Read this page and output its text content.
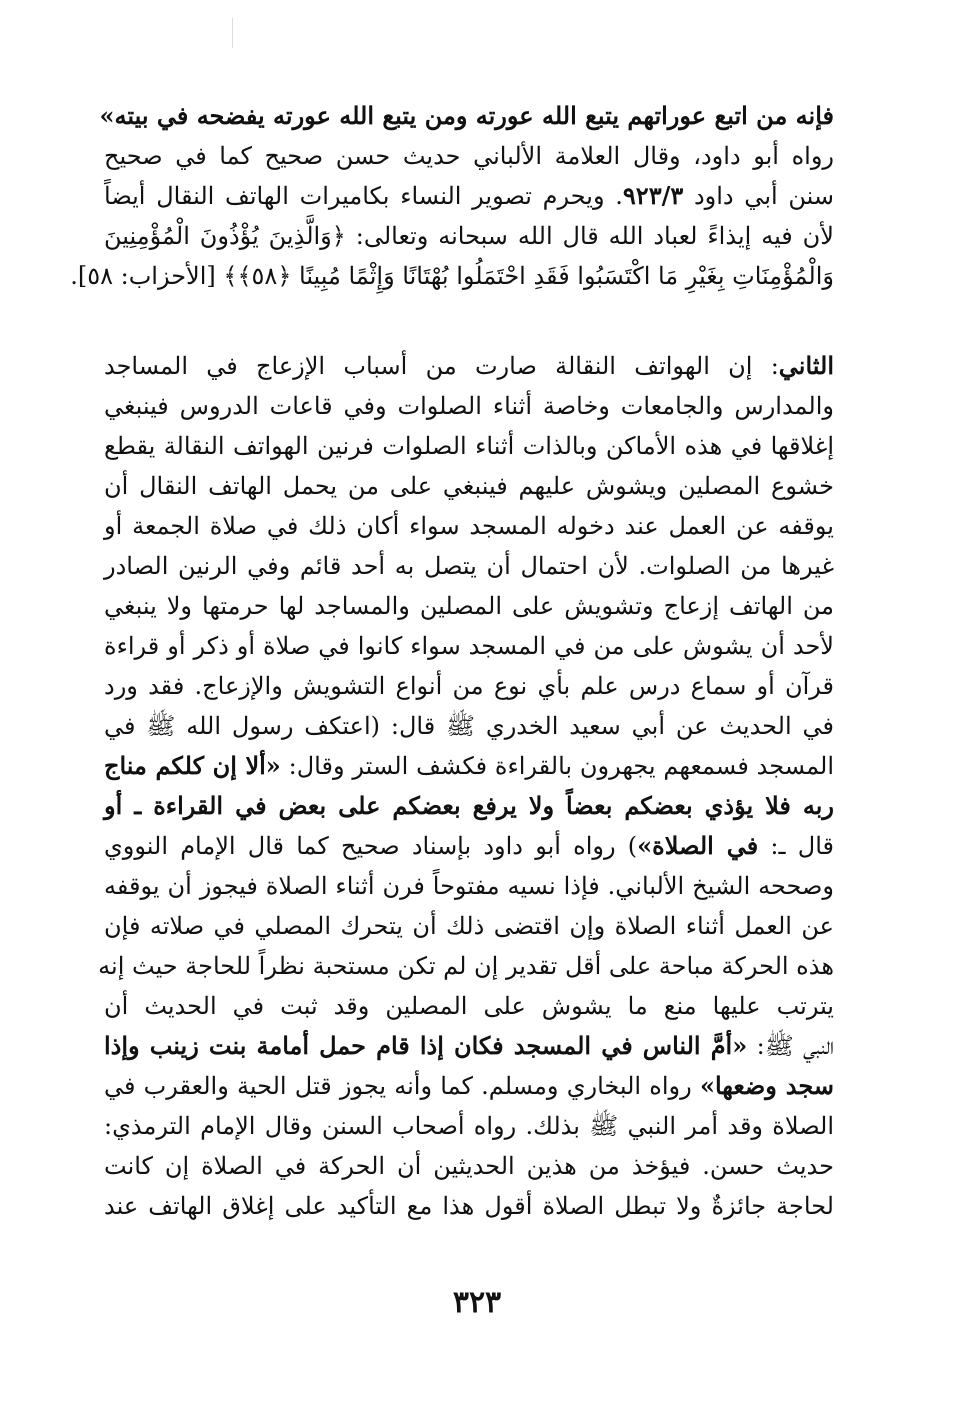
فإنه من اتبع عوراتهم يتبع الله عورته ومن يتبع الله عورته يفضحه في بيته»
رواه أبو داود، وقال العلامة الألباني حديث حسن صحيح كما في صحيح
سنن أبي داود ٩٢٣/٣. ويحرم تصوير النساء بكاميرات الهاتف النقال أيضاً
لأن فيه إيذاءً لعباد الله قال الله سبحانه وتعالى: ﴿وَالَّذِينَ يُؤْذُونَ الْمُؤْمِنِينَ
وَالْمُؤْمِنَاتِ بِغَيْرِ مَا اكْتَسَبُوا فَقَدِ احْتَمَلُوا بُهْتَانًا وَإِثْمًا مُبِينًا ﴿٥٨﴾﴾ [الأحزاب: ٥٨].
الثاني: إن الهواتف النقالة صارت من أسباب الإزعاج في المساجد
والمدارس والجامعات وخاصة أثناء الصلوات وفي قاعات الدروس فينبغي
إغلاقها في هذه الأماكن وبالذات أثناء الصلوات فرنين الهواتف النقالة يقطع
خشوع المصلين ويشوش عليهم فينبغي على من يحمل الهاتف النقال أن
يوقفه عن العمل عند دخوله المسجد سواء أكان ذلك في صلاة الجمعة أو
غيرها من الصلوات. لأن احتمال أن يتصل به أحد قائم وفي الرنين الصادر
من الهاتف إزعاج وتشويش على المصلين والمساجد لها حرمتها ولا ينبغي
لأحد أن يشوش على من في المسجد سواء كانوا في صلاة أو ذكر أو قراءة
قرآن أو سماع درس علم بأي نوع من أنواع التشويش والإزعاج. فقد ورد
في الحديث عن أبي سعيد الخدري ﷺ قال: (اعتكف رسول الله ﷺ في
المسجد فسمعهم يجهرون بالقراءة فكشف الستر وقال: «ألا إن كلكم مناج
ربه فلا يؤذي بعضكم بعضاً ولا يرفع بعضكم على بعض في القراءة ـ أو
قال ـ: في الصلاة») رواه أبو داود بإسناد صحيح كما قال الإمام النووي
وصححه الشيخ الألباني. فإذا نسيه مفتوحاً فرن أثناء الصلاة فيجوز أن يوقفه
عن العمل أثناء الصلاة وإن اقتضى ذلك أن يتحرك المصلي في صلاته فإن
هذه الحركة مباحة على أقل تقدير إن لم تكن مستحبة نظراً للحاجة حيث إنه
يترتب عليها منع ما يشوش على المصلين وقد ثبت في الحديث أن
النبي ﷺ: «أمَّ الناس في المسجد فكان إذا قام حمل أمامة بنت زينب وإذا
سجد وضعها» رواه البخاري ومسلم. كما وأنه يجوز قتل الحية والعقرب في
الصلاة وقد أمر النبي ﷺ بذلك. رواه أصحاب السنن وقال الإمام الترمذي:
حديث حسن. فيؤخذ من هذين الحديثين أن الحركة في الصلاة إن كانت
لحاجة جائزةٌ ولا تبطل الصلاة أقول هذا مع التأكيد على إغلاق الهاتف عند
٣٢٣
